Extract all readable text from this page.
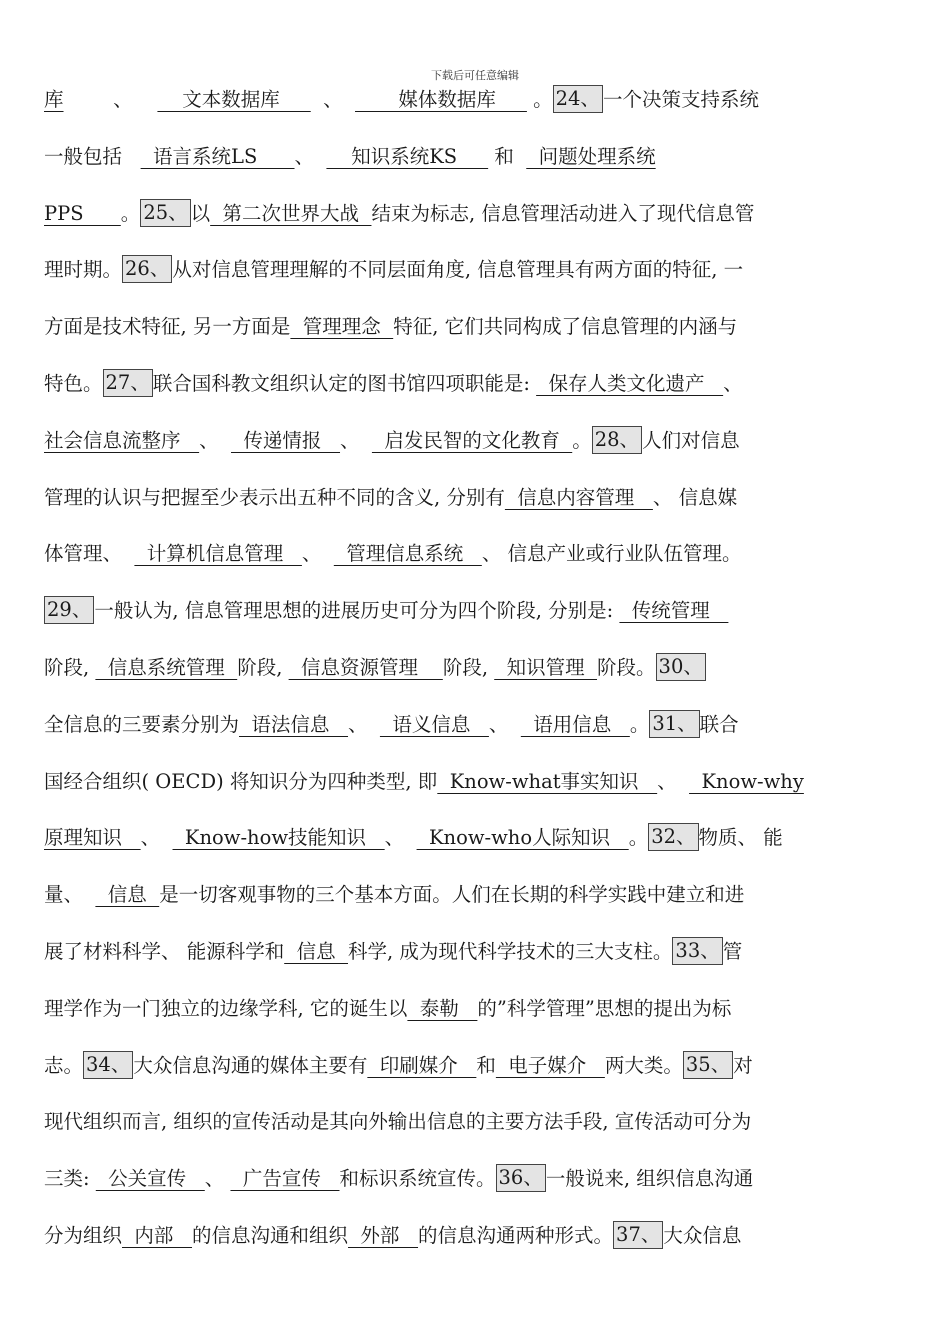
下载后可任意编辑
库	、        文本数据库       、         媒体数据库      。 24、 一个决策支持系统
一般包括     语言系统LS      、      知识系统KS      和    问题处理系统
PPS      。 25、 以  第二次世界大战  结束为标志, 信息管理活动进入了现代信息管
理时期。 26、 从对信息管理理解的不同层面角度, 信息管理具有两方面的特征, 一
方面是技术特征, 另一方面是  管理理念  特征, 它们共同构成了信息管理的内涵与
特色。 27、 联合国科教文组织认定的图书馆四项职能是:   保存人类文化遗产   、
社会信息流整序   、    传递情报   、    启发民智的文化教育  。 28、 人们对信息
管理的认识与把握至少表示出五种不同的含义, 分别有  信息内容管理   、 信息媒
体管理、    计算机信息管理   、    管理信息系统   、 信息产业或行业队伍管理。
29、 一般认为, 信息管理思想的进展历史可分为四个阶段, 分别是:   传统管理
阶段,   信息系统管理  阶段,   信息资源管理    阶段,   知识管理  阶段。 30、
全信息的三要素分别为  语法信息   、    语义信息   、    语用信息   。 31、 联合
国经合组织( OECD) 将知识分为四种类型, 即  Know-what事实知识   、    Know-why
原理知识   、    Know-how技能知识   、    Know-who人际知识   。 32、 物质、 能
量、    信息  是一切客观事物的三个基本方面。人们在长期的科学实践中建立和进
展了材料科学、 能源科学和  信息  科学, 成为现代科学技术的三大支柱。 33、 管
理学作为一门独立的边缘学科, 它的诞生以  泰勒   的”科学管理”思想的提出为标
志。 34、 大众信息沟通的媒体主要有  印刷媒介   和  电子媒介   两大类。 35、 对
现代组织而言, 组织的宣传活动是其向外输出信息的主要方法手段, 宣传活动可分为
三类:   公关宣传   、   广告宣传   和标识系统宣传。 36、 一般说来, 组织信息沟通
分为组织  内部   的信息沟通和组织  外部   的信息沟通两种形式。 37、 大众信息
